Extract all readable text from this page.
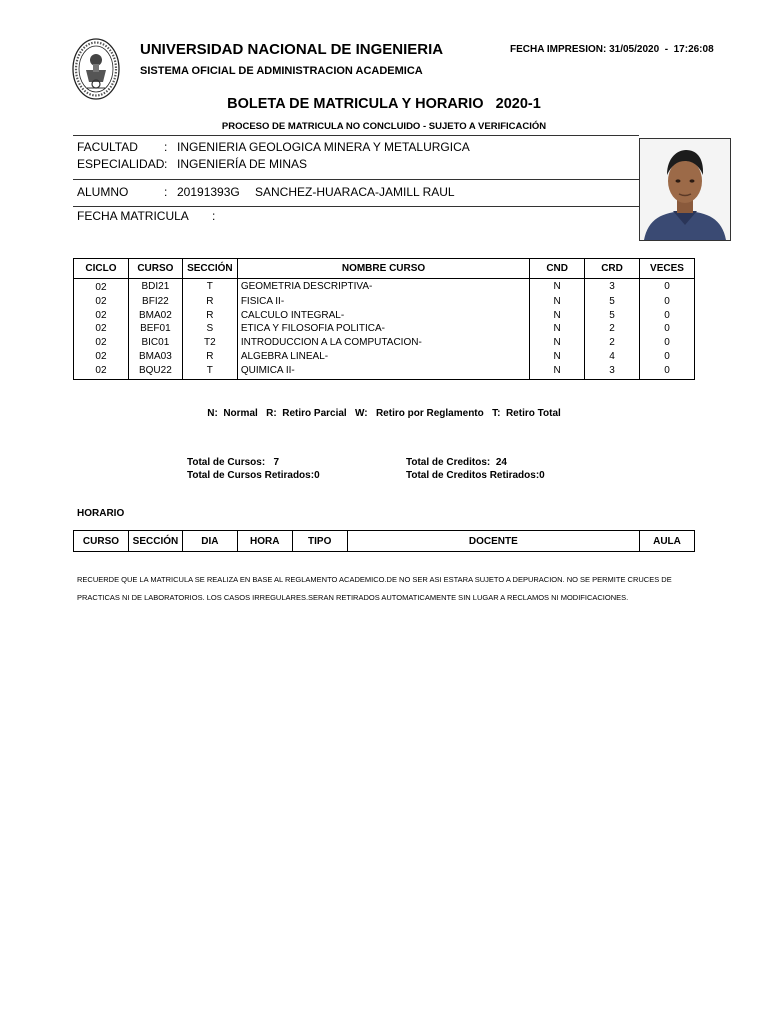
UNIVERSIDAD NACIONAL DE INGENIERIA	FECHA IMPRESION: 31/05/2020  -  17:26:08
SISTEMA OFICIAL DE ADMINISTRACION ACADEMICA
BOLETA DE MATRICULA Y HORARIO   2020-1
PROCESO DE MATRICULA NO CONCLUIDO - SUJETO A VERIFICACIÓN
FACULTAD : INGENIERIA GEOLOGICA MINERA Y METALURGICA
ESPECIALIDAD : INGENIERÍA DE MINAS
ALUMNO	: 20191393G SANCHEZ-HUARACA-JAMILL RAUL
FECHA MATRICULA :
CICLO	CURSO	SECCIÓN	NOMBRE CURSO	CND	CRD	VECES
02	BDI21	T	GEOMETRIA DESCRIPTIVA-	N	3	0
02	BFI22	R	FISICA II-	N	5	0
02	BMA02	R	CALCULO INTEGRAL-	N	5	0
02	BEF01	S	ETICA Y FILOSOFIA POLITICA-	N	2	0
02	BIC01	T2	INTRODUCCION A LA COMPUTACION-	N	2	0
02	BMA03	R	ALGEBRA LINEAL-	N	4	0
02	BQU22	T	QUIMICA II-	N	3	0
N:  Normal   R:  Retiro Parcial   W:   Retiro por Reglamento   T:  Retiro Total
Total de Cursos: 7	Total de Creditos: 24
Total de Cursos Retirados:0	Total de Creditos Retirados:0
HORARIO
CURSO	SECCIÓN	DIA	HORA	TIPO	DOCENTE	AULA
RECUERDE QUE LA MATRICULA SE REALIZA EN BASE AL REGLAMENTO ACADEMICO.DE NO SER ASI ESTARA SUJETO A DEPURACION. NO SE PERMITE CRUCES DE
PRACTICAS NI DE LABORATORIOS. LOS CASOS IRREGULARES.SERAN RETIRADOS AUTOMATICAMENTE SIN LUGAR A RECLAMOS NI MODIFICACIONES.
